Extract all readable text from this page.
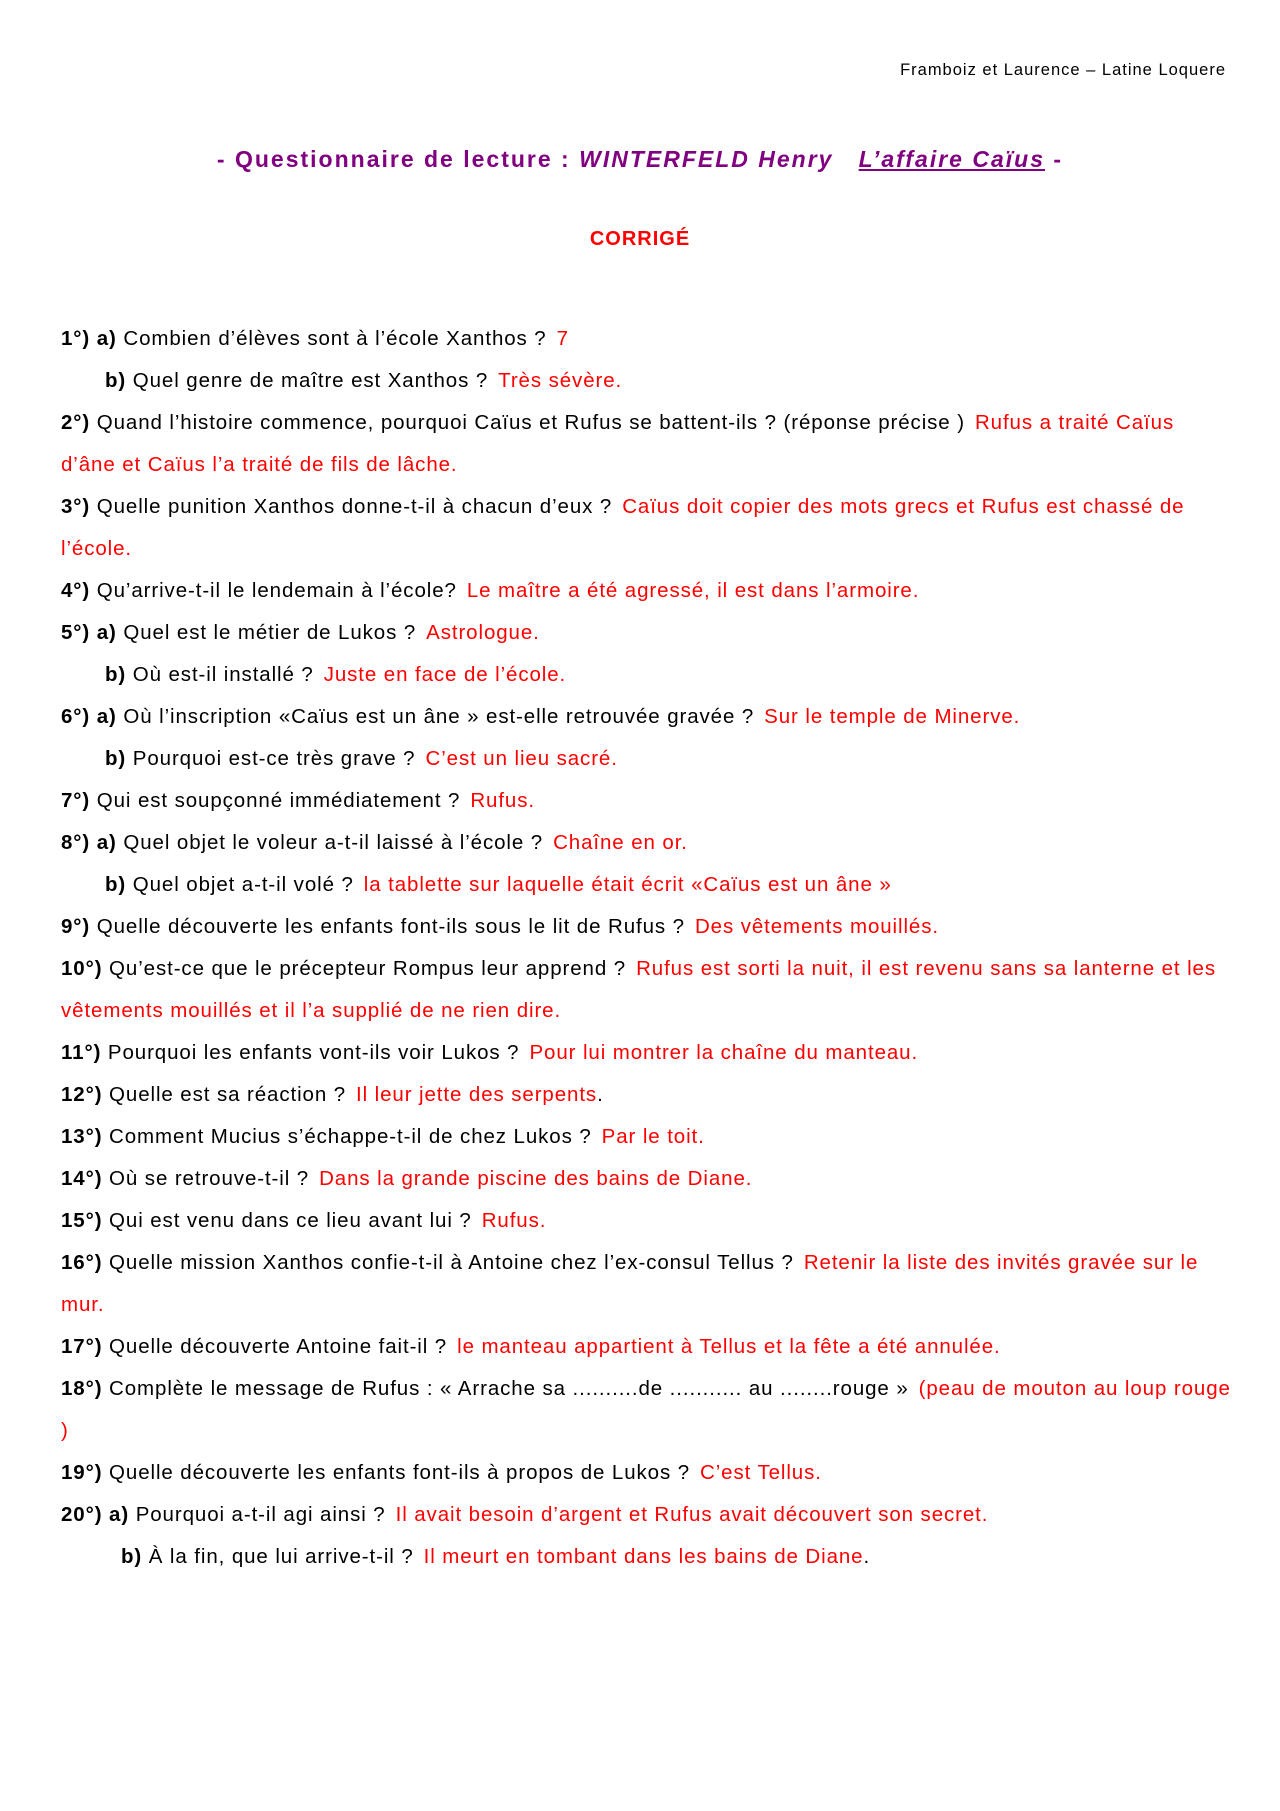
Framboiz et Laurence – Latine Loquere
- Questionnaire de lecture : WINTERFELD Henry L’affaire Caïus -
CORRIGÉ

1°) a) Combien d’élèves sont à l’école Xanthos ? 7

b) Quel genre de maître est Xanthos ? Très sévère.

2°) Quand l’histoire commence, pourquoi Caïus et Rufus se battent-ils ? (réponse précise ) Rufus a traité Caïus d’âne et Caïus l’a traité de fils de lâche.

3°) Quelle punition Xanthos donne-t-il à chacun d’eux ? Caïus doit copier des mots grecs et Rufus est chassé de l’école.

4°) Qu’arrive-t-il le lendemain à l’école? Le maître a été agressé, il est dans l’armoire.

5°) a) Quel est le métier de Lukos ? Astrologue.

b) Où est-il installé ? Juste en face de l’école.

6°) a) Où l’inscription «Caïus est un âne » est-elle retrouvée gravée ? Sur le temple de Minerve.

b) Pourquoi est-ce très grave ? C’est un lieu sacré.

7°) Qui est soupçonné immédiatement ? Rufus.

8°) a) Quel objet le voleur a-t-il laissé à l’école ? Chaîne en or.

b) Quel objet a-t-il volé ? la tablette sur laquelle était écrit «Caïus est un âne »

9°) Quelle découverte les enfants font-ils sous le lit de Rufus ? Des vêtements mouillés.

10°) Qu’est-ce que le précepteur Rompus leur apprend ? Rufus est sorti la nuit, il est revenu sans sa lanterne et les vêtements mouillés et il l’a supplié de ne rien dire.

11°) Pourquoi les enfants vont-ils voir Lukos ? Pour lui montrer la chaîne du manteau.

12°) Quelle est sa réaction ? Il leur jette des serpents.

13°) Comment Mucius s’échappe-t-il de chez Lukos ? Par le toit.

14°) Où se retrouve-t-il ? Dans la grande piscine des bains de Diane.

15°) Qui est venu dans ce lieu avant lui ? Rufus.

16°) Quelle mission Xanthos confie-t-il à Antoine chez l’ex-consul Tellus ? Retenir la liste des invités gravée sur le mur.

17°) Quelle découverte Antoine fait-il ? le manteau appartient à Tellus et la fête a été annulée.

18°) Complète le message de Rufus : « Arrache sa ..........de ........... au ........rouge » (peau de mouton au loup rouge )

19°) Quelle découverte les enfants font-ils à propos de Lukos ? C’est Tellus.

20°) a) Pourquoi a-t-il agi ainsi ? Il avait besoin d’argent et Rufus avait découvert son secret.

b) À la fin, que lui arrive-t-il ? Il meurt en tombant dans les bains de Diane.
